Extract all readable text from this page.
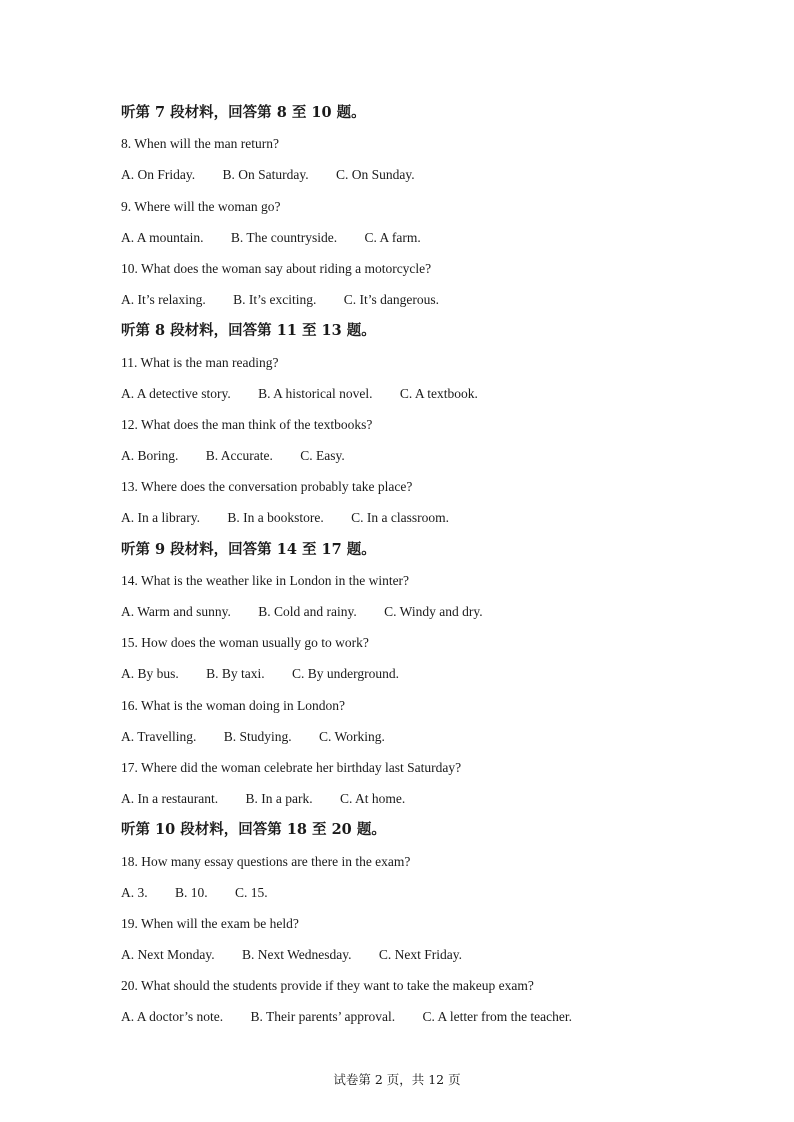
听第 7 段材料，回答第 8 至 10 题。
8. When will the man return?
A. On Friday. B. On Saturday. C. On Sunday.
9. Where will the woman go?
A. A mountain. B. The countryside. C. A farm.
10. What does the woman say about riding a motorcycle?
A. It’s relaxing. B. It’s exciting. C. It’s dangerous.
听第 8 段材料，回答第 11 至 13 题。
11. What is the man reading?
A. A detective story. B. A historical novel. C. A textbook.
12. What does the man think of the textbooks?
A. Boring. B. Accurate. C. Easy.
13. Where does the conversation probably take place?
A. In a library. B. In a bookstore. C. In a classroom.
听第 9 段材料，回答第 14 至 17 题。
14. What is the weather like in London in the winter?
A. Warm and sunny. B. Cold and rainy. C. Windy and dry.
15. How does the woman usually go to work?
A. By bus. B. By taxi. C. By underground.
16. What is the woman doing in London?
A. Travelling. B. Studying. C. Working.
17. Where did the woman celebrate her birthday last Saturday?
A. In a restaurant. B. In a park. C. At home.
听第 10 段材料，回答第 18 至 20 题。
18. How many essay questions are there in the exam?
A. 3. B. 10. C. 15.
19. When will the exam be held?
A. Next Monday. B. Next Wednesday. C. Next Friday.
20. What should the students provide if they want to take the makeup exam?
A. A doctor’s note. B. Their parents’ approval. C. A letter from the teacher.
试卷第 2 页，共 12 页
